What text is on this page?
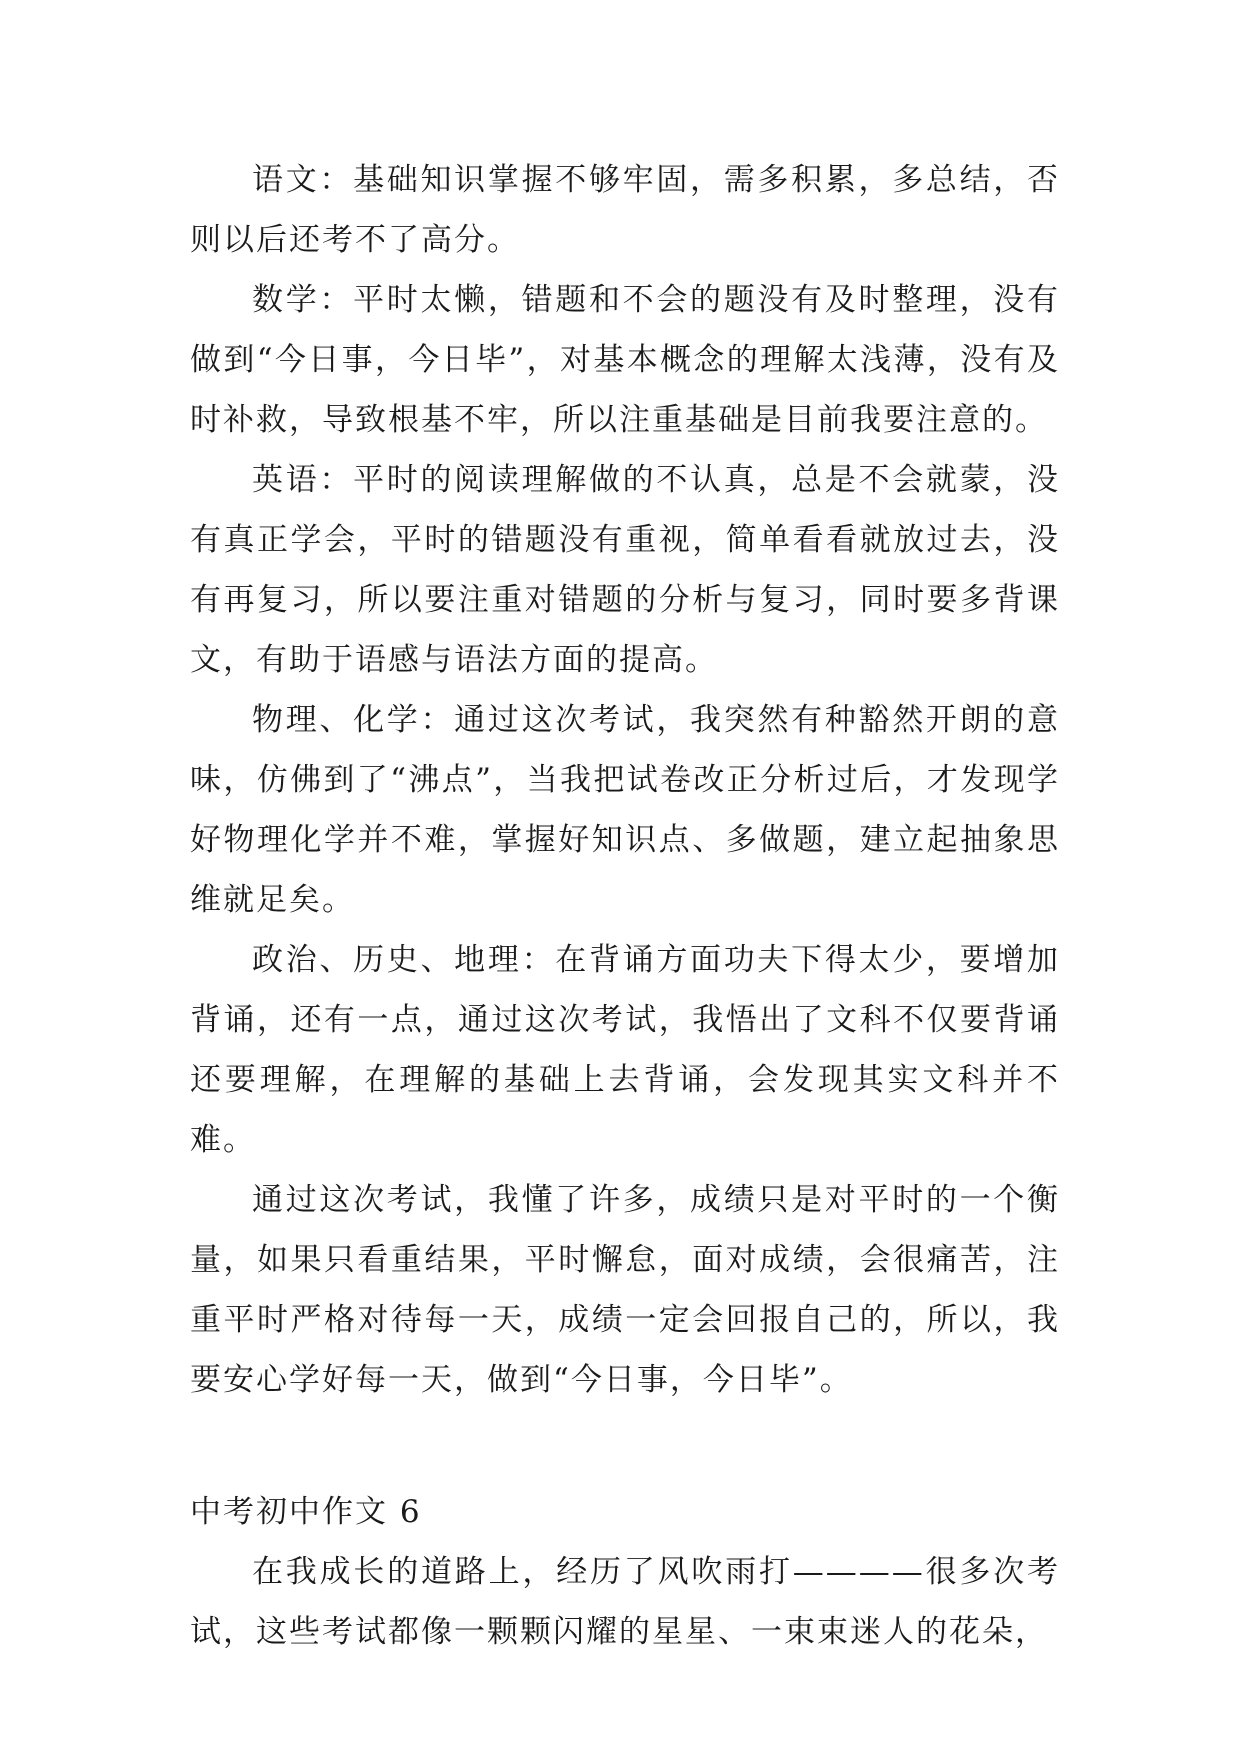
语文：基础知识掌握不够牢固，需多积累，多总结，否则以后还考不了高分。

数学：平时太懒，错题和不会的题没有及时整理，没有做到“今日事，今日毕”，对基本概念的理解太浅薄，没有及时补救，导致根基不牢，所以注重基础是目前我要注意的。

英语：平时的阅读理解做的不认真，总是不会就蒙，没有真正学会，平时的错题没有重视，简单看看就放过去，没有再复习，所以要注重对错题的分析与复习，同时要多背课文，有助于语感与语法方面的提高。

物理、化学：通过这次考试，我突然有种豁然开朗的意味，仿佛到了“沸点”，当我把试卷改正分析过后，才发现学好物理化学并不难，掌握好知识点、多做题，建立起抽象思维就足矣。

政治、历史、地理：在背诵方面功夫下得太少，要增加背诵，还有一点，通过这次考试，我悟出了文科不仅要背诵还要理解，在理解的基础上去背诵，会发现其实文科并不难。

通过这次考试，我懂了许多，成绩只是对平时的一个衡量，如果只看重结果，平时懈怠，面对成绩，会很痛苦，注重平时严格对待每一天，成绩一定会回报自己的，所以，我要安心学好每一天，做到“今日事，今日毕”。

中考初中作文 6

在我成长的道路上，经历了风吹雨打————很多次考试，这些考试都像一颗颗闪耀的星星、一束束迷人的花朵，
